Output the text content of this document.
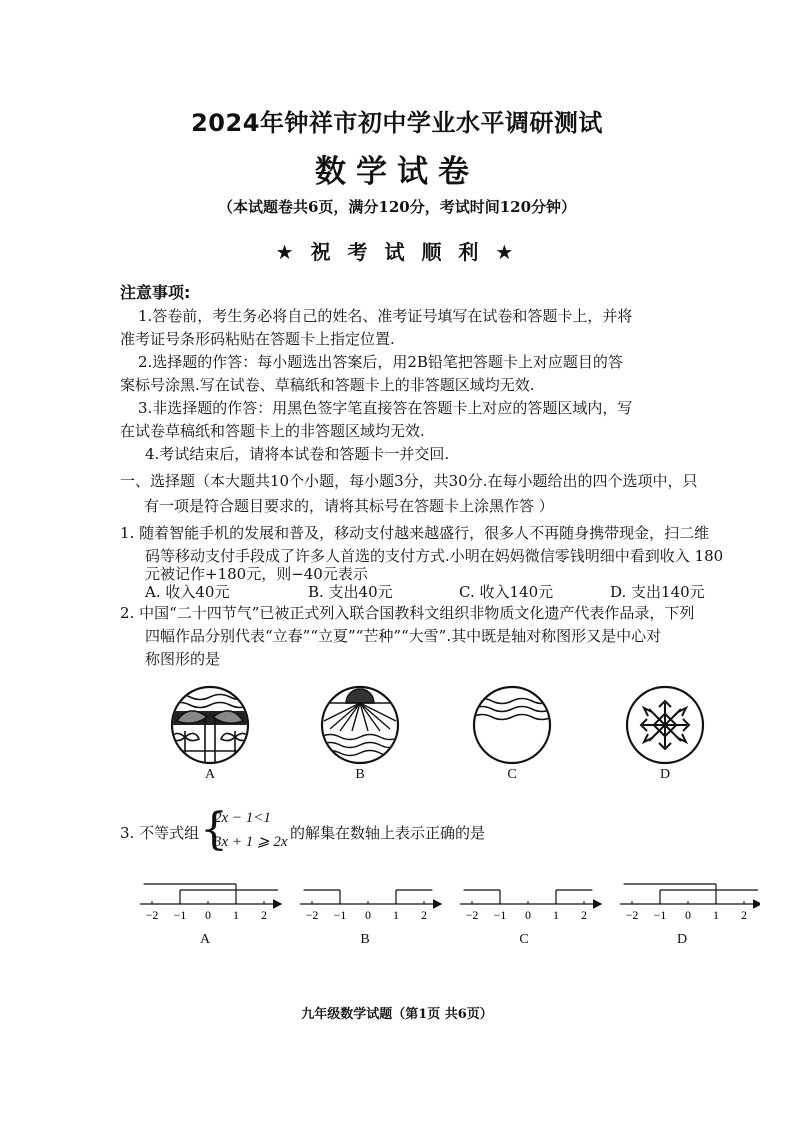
2024年钟祥市初中学业水平调研测试
数学试卷
（本试题卷共6页，满分120分，考试时间120分钟）
★ 祝 考 试 顺 利 ★
注意事项:
1.答卷前，考生务必将自己的姓名、准考证号填写在试卷和答题卡上，并将
准考证号条形码粘贴在答题卡上指定位置.
2.选择题的作答：每小题选出答案后，用2B铅笔把答题卡上对应题目的答
案标号涂黑.写在试卷、草稿纸和答题卡上的非答题区域均无效.
3.非选择题的作答：用黑色签字笔直接答在答题卡上对应的答题区域内，写
在试卷草稿纸和答题卡上的非答题区域均无效.
4.考试结束后，请将本试卷和答题卡一并交回.
一、选择题（本大题共10个小题，每小题3分，共30分.在每小题给出的四个选项中，只
有一项是符合题目要求的，请将其标号在答题卡上涂黑作答 ）
1. 随着智能手机的发展和普及，移动支付越来越盛行，很多人不再随身携带现金，扫二维
码等移动支付手段成了许多人首选的支付方式.小明在妈妈微信零钱明细中看到收入 180
元被记作+180元，则−40元表示
A. 收入40元	B. 支出40元	C. 收入140元	D. 支出140元
2. 中国“二十四节气”已被正式列入联合国教科文组织非物质文化遗产代表作品录，下列
四幅作品分别代表“立春”“立夏”“芒种”“大雪”.其中既是轴对称图形又是中心对
称图形的是
A	B	C	D
3. 不等式组 {
2x − 1<1
3x + 1 ⩾ 2x 的解集在数轴上表示正确的是
−2 −1 0 1 2	−2 −1 0 1 2	−2 −1 0 1 2	−2 −1 0 1 2
A	B	C	D
九年级数学试题（第1页 共6页）
